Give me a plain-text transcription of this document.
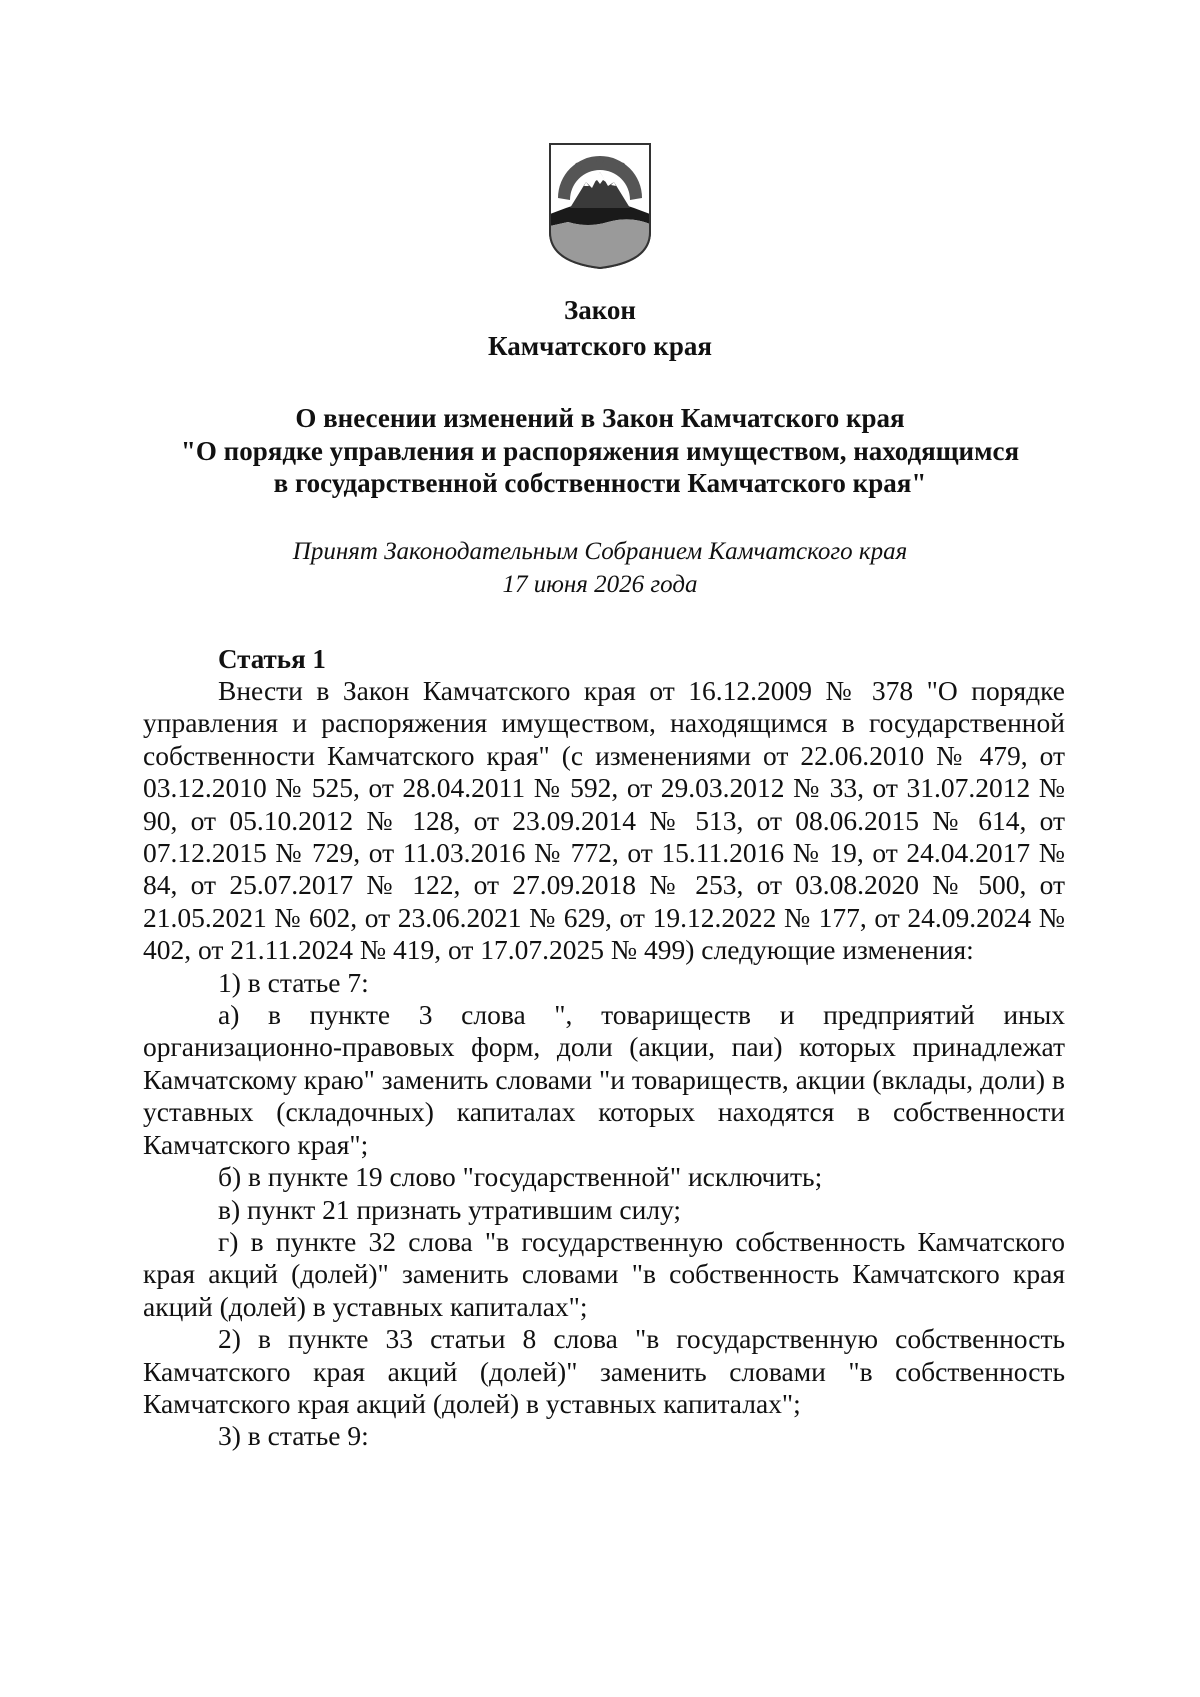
Закон
Камчатского края
О внесении изменений в Закон Камчатского края
"О порядке управления и распоряжения имуществом, находящимся
в государственной собственности Камчатского края"
Принят Законодательным Собранием Камчатского края
17 июня 2026 года
Статья 1

Внести в Закон Камчатского края от 16.12.2009 № 378 "О порядке управления и распоряжения имуществом, находящимся в государственной собственности Камчатского края" (с изменениями от 22.06.2010 № 479, от 03.12.2010 № 525, от 28.04.2011 № 592, от 29.03.2012 № 33, от 31.07.2012 № 90, от 05.10.2012 № 128, от 23.09.2014 № 513, от 08.06.2015 № 614, от 07.12.2015 № 729, от 11.03.2016 № 772, от 15.11.2016 № 19, от 24.04.2017 № 84, от 25.07.2017 № 122, от 27.09.2018 № 253, от 03.08.2020 № 500, от 21.05.2021 № 602, от 23.06.2021 № 629, от 19.12.2022 № 177, от 24.09.2024 № 402, от 21.11.2024 № 419, от 17.07.2025 № 499) следующие изменения:

1) в статье 7:

а) в пункте 3 слова ", товариществ и предприятий иных организационно-правовых форм, доли (акции, паи) которых принадлежат Камчатскому краю" заменить словами "и товариществ, акции (вклады, доли) в уставных (складочных) капиталах которых находятся в собственности Камчатского края";

б) в пункте 19 слово "государственной" исключить;

в) пункт 21 признать утратившим силу;

г) в пункте 32 слова "в государственную собственность Камчатского края акций (долей)" заменить словами "в собственность Камчатского края акций (долей) в уставных капиталах";

2) в пункте 33 статьи 8 слова "в государственную собственность Камчатского края акций (долей)" заменить словами "в собственность Камчатского края акций (долей) в уставных капиталах";

3) в статье 9:
